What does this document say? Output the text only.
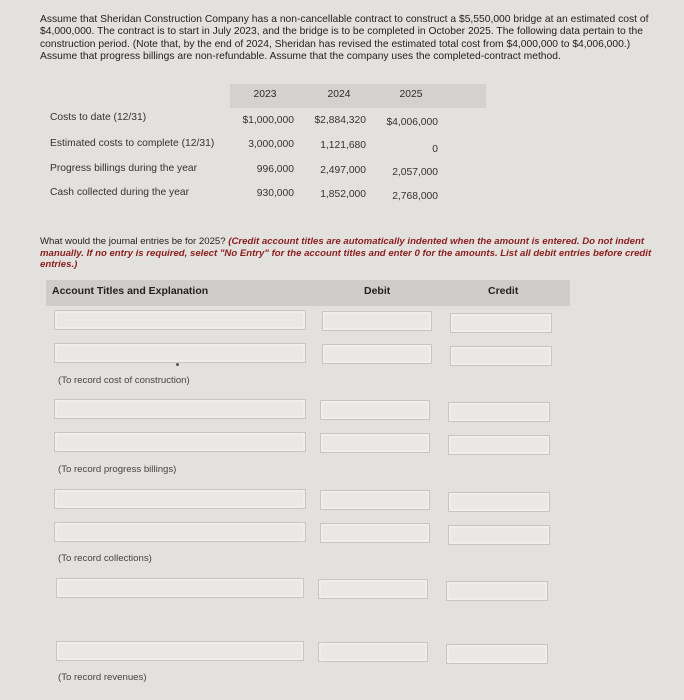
Assume that Sheridan Construction Company has a non-cancellable contract to construct a $5,550,000 bridge at an estimated cost of $4,000,000. The contract is to start in July 2023, and the bridge is to be completed in October 2025. The following data pertain to the construction period. (Note that, by the end of 2024, Sheridan has revised the estimated total cost from $4,000,000 to $4,006,000.) Assume that progress billings are non-refundable. Assume that the company uses the completed-contract method.
2023	2024	2025
Costs to date (12/31)	$1,000,000	$2,884,320	$4,006,000
Estimated costs to complete (12/31)	3,000,000	1,121,680	0
Progress billings during the year	996,000	2,497,000	2,057,000
Cash collected during the year	930,000	1,852,000	2,768,000
What would the journal entries be for 2025? (Credit account titles are automatically indented when the amount is entered. Do not indent manually. If no entry is required, select "No Entry" for the account titles and enter 0 for the amounts. List all debit entries before credit entries.)
Account Titles and Explanation	Debit	Credit
(To record cost of construction)
(To record progress billings)
(To record collections)
(To record revenues)
